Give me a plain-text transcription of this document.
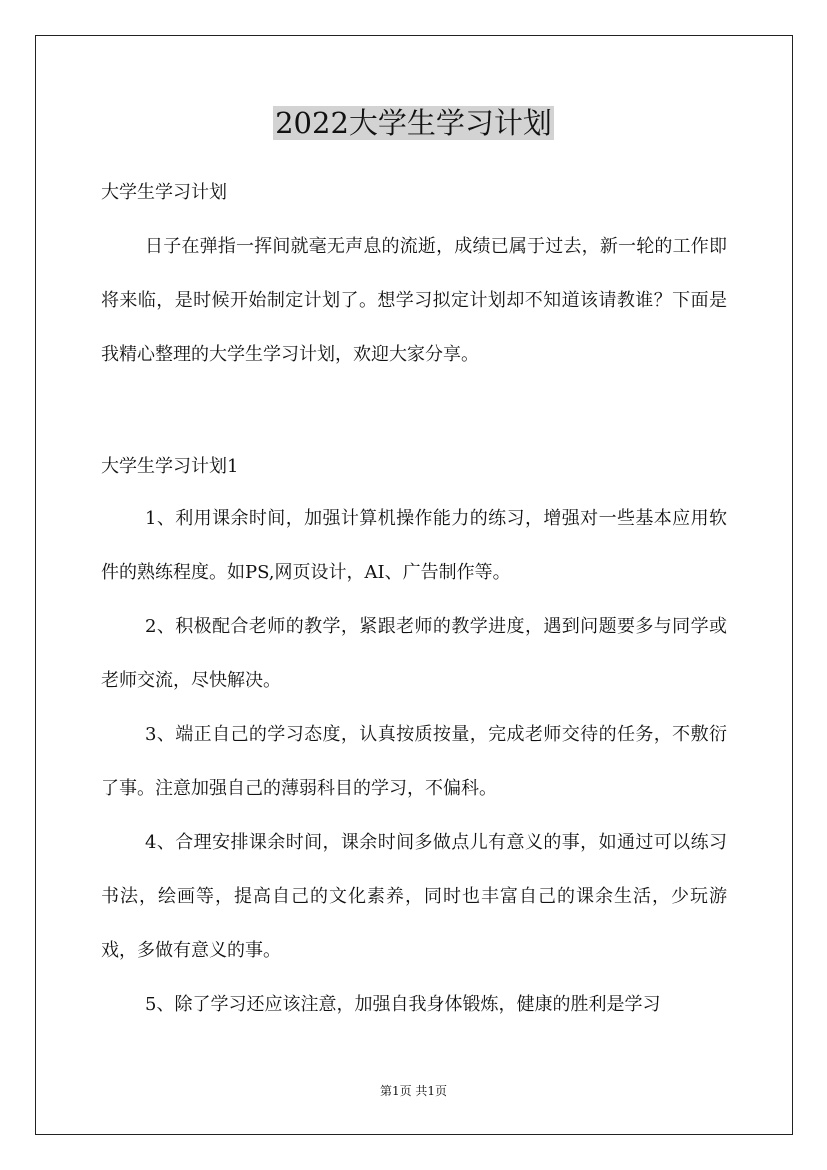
2022大学生学习计划
大学生学习计划

日子在弹指一挥间就毫无声息的流逝，成绩已属于过去，新一轮的工作即将来临，是时候开始制定计划了。想学习拟定计划却不知道该请教谁？下面是我精心整理的大学生学习计划，欢迎大家分享。

大学生学习计划1

1、利用课余时间，加强计算机操作能力的练习，增强对一些基本应用软件的熟练程度。如PS,网页设计，AI、广告制作等。

2、积极配合老师的教学，紧跟老师的教学进度，遇到问题要多与同学或老师交流，尽快解决。

3、端正自己的学习态度，认真按质按量，完成老师交待的任务，不敷衍了事。注意加强自己的薄弱科目的学习，不偏科。

4、合理安排课余时间，课余时间多做点儿有意义的事，如通过可以练习书法，绘画等，提高自己的文化素养，同时也丰富自己的课余生活，少玩游戏，多做有意义的事。

5、除了学习还应该注意，加强自我身体锻炼，健康的胜利是学习

第1页 共1页
